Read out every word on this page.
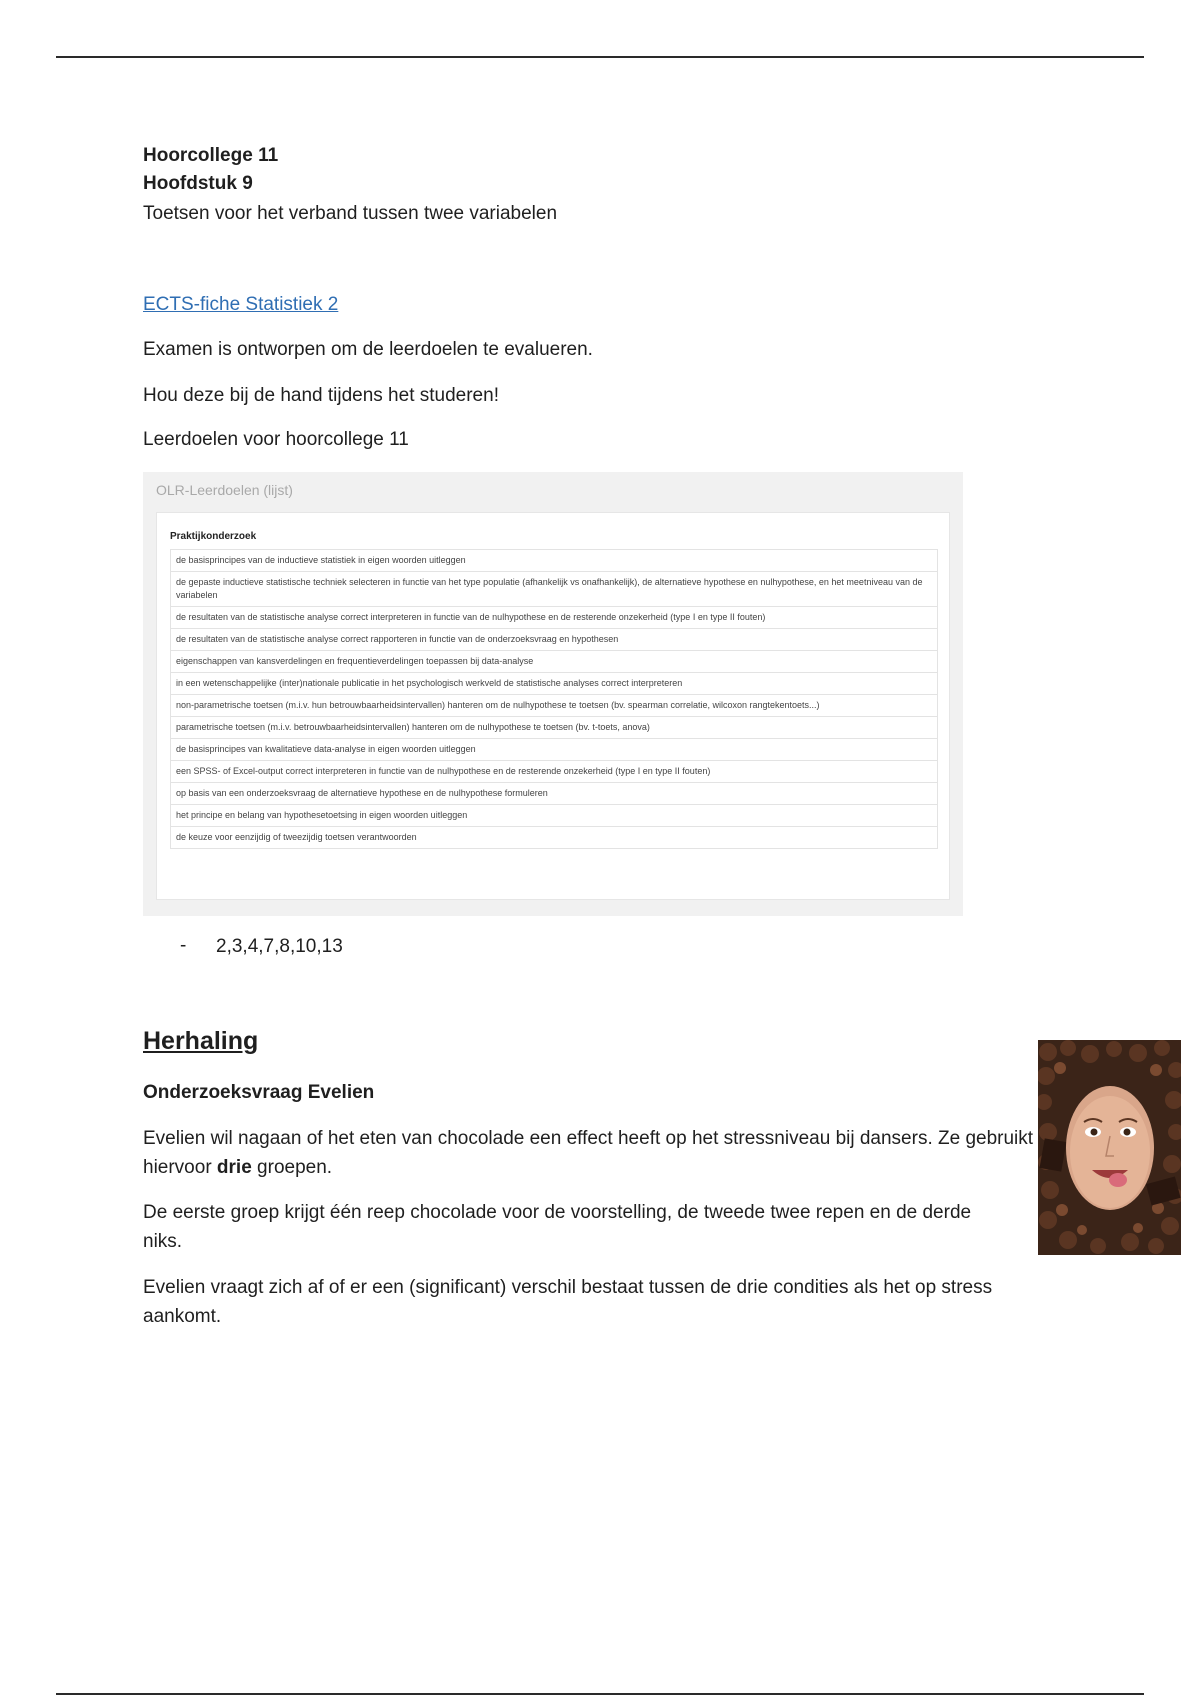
Hoorcollege 11
Hoofdstuk 9
Toetsen voor het verband tussen twee variabelen
ECTS-fiche Statistiek 2
Examen is ontworpen om de leerdoelen te evalueren.
Hou deze bij de hand tijdens het studeren!
Leerdoelen voor hoorcollege 11
OLR-Leerdoelen (lijst)
Praktijkonderzoek
de basisprincipes van de inductieve statistiek in eigen woorden uitleggen
de gepaste inductieve statistische techniek selecteren in functie van het type populatie (afhankelijk vs onafhankelijk), de alternatieve hypothese en nulhypothese, en het meetniveau van de variabelen
de resultaten van de statistische analyse correct interpreteren in functie van de nulhypothese en de resterende onzekerheid (type I en type II fouten)
de resultaten van de statistische analyse correct rapporteren in functie van de onderzoeksvraag en hypothesen
eigenschappen van kansverdelingen en frequentieverdelingen toepassen bij data-analyse
in een wetenschappelijke (inter)nationale publicatie in het psychologisch werkveld de statistische analyses correct interpreteren
non-parametrische toetsen (m.i.v. hun betrouwbaarheidsintervallen) hanteren om de nulhypothese te toetsen (bv. spearman correlatie, wilcoxon rangtekentoets...)
parametrische toetsen (m.i.v. betrouwbaarheidsintervallen) hanteren om de nulhypothese te toetsen (bv. t-toets, anova)
de basisprincipes van kwalitatieve data-analyse in eigen woorden uitleggen
een SPSS- of Excel-output correct interpreteren in functie van de nulhypothese en de resterende onzekerheid (type I en type II fouten)
op basis van een onderzoeksvraag de alternatieve hypothese en de nulhypothese formuleren
het principe en belang van hypothesetoetsing in eigen woorden uitleggen
de keuze voor eenzijdig of tweezijdig toetsen verantwoorden
- 2,3,4,7,8,10,13
Herhaling
Onderzoeksvraag Evelien
Evelien wil nagaan of het eten van chocolade een effect heeft op het stressniveau bij dansers. Ze gebruikt hiervoor drie groepen.
De eerste groep krijgt één reep chocolade voor de voorstelling, de tweede twee repen en de derde niks.
Evelien vraagt zich af of er een (significant) verschil bestaat tussen de drie condities als het op stress aankomt.
